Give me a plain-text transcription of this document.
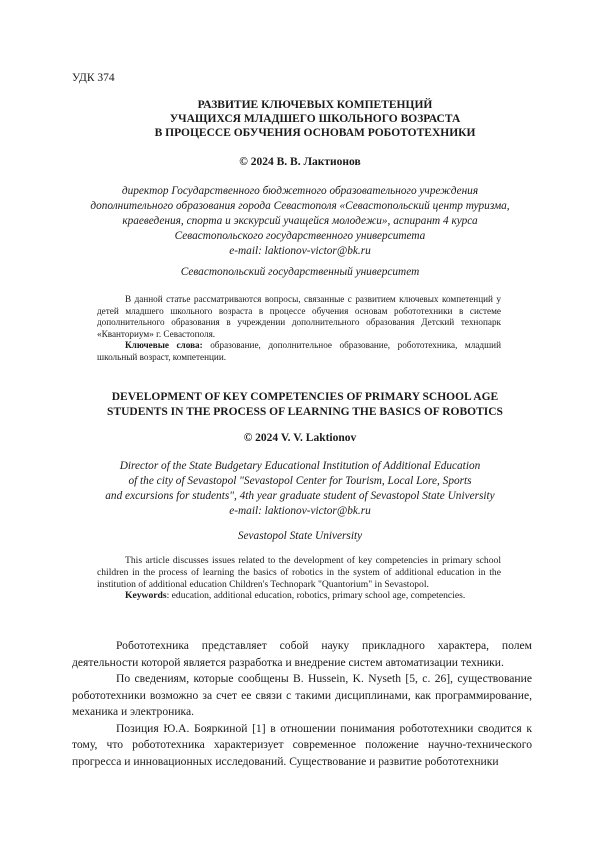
УДК 374
РАЗВИТИЕ КЛЮЧЕВЫХ КОМПЕТЕНЦИЙ
УЧАЩИХСЯ МЛАДШЕГО ШКОЛЬНОГО ВОЗРАСТА
В ПРОЦЕССЕ ОБУЧЕНИЯ ОСНОВАМ РОБОТОТЕХНИКИ
© 2024 В. В. Лактионов
директор Государственного бюджетного образовательного учреждения
дополнительного образования города Севастополя «Севастопольский центр туризма,
краеведения, спорта и экскурсий учащейся молодежи», аспирант 4 курса
Севастопольского государственного университета
e-mail: laktionov-victor@bk.ru
Севастопольский государственный университет

В данной статье рассматриваются вопросы, связанные с развитием ключевых компетенций у детей младшего школьного возраста в процессе обучения основам робототехники в системе дополнительного образования в учреждении дополнительного образования Детский технопарк «Кванториум» г. Севастополя.

Ключевые слова: образование, дополнительное образование, робототехника, младший школьный возраст, компетенции.

DEVELOPMENT OF KEY COMPETENCIES OF PRIMARY SCHOOL AGE
STUDENTS IN THE PROCESS OF LEARNING THE BASICS OF ROBOTICS
© 2024 V. V. Laktionov
Director of the State Budgetary Educational Institution of Additional Education
of the city of Sevastopol "Sevastopol Center for Tourism, Local Lore, Sports
and excursions for students", 4th year graduate student of Sevastopol State University
e-mail: laktionov-victor@bk.ru
Sevastopol State University

This article discusses issues related to the development of key competencies in primary school children in the process of learning the basics of robotics in the system of additional education in the institution of additional education Children's Technopark "Quantorium" in Sevastopol.

Keywords: education, additional education, robotics, primary school age, competencies.

Робототехника представляет собой науку прикладного характера, полем деятельности которой является разработка и внедрение систем автоматизации техники.

По сведениям, которые сообщены B. Hussein, K. Nyseth [5, с. 26], существование робототехники возможно за счет ее связи с такими дисциплинами, как программирование, механика и электроника.

Позиция Ю.А. Бояркиной [1] в отношении понимания робототехники сводится к тому, что робототехника характеризует современное положение научно-технического прогресса и инновационных исследований. Существование и развитие робототехники
